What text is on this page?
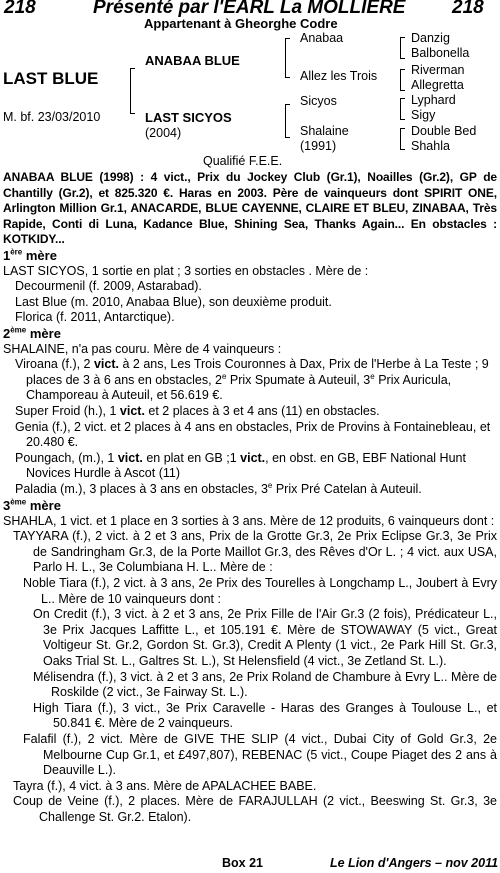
218	Présenté par l'EARL La MOLLIERE 218
Appartenant à Gheorghe Codre
LAST BLUE
M. bf. 23/03/2010
ANABAA BLUE
LAST SICYOS
(2004)
Anabaa
Allez les Trois
Sicyos
Shalaine
(1991)
Danzig
Balbonella
Riverman
Allegretta
Lyphard
Sigy
Double Bed
Shahla
Qualifié F.E.E.
ANABAA BLUE (1998) : 4 vict., Prix du Jockey Club (Gr.1), Noailles (Gr.2), GP de Chantilly (Gr.2), et 825.320 €. Haras en 2003. Père de vainqueurs dont SPIRIT ONE, Arlington Million Gr.1, ANACARDE, BLUE CAYENNE, CLAIRE ET BLEU, ZINABAA, Très Rapide, Conti di Luna, Kadance Blue, Shining Sea, Thanks Again... En obstacles : KOTKIDY...
1ère mère
LAST SICYOS, 1 sortie en plat ; 3 sorties en obstacles . Mère de :
Decourmenil (f. 2009, Astarabad).
Last Blue (m. 2010, Anabaa Blue), son deuxième produit.
Florica (f. 2011, Antarctique).
2ème mère
SHALAINE, n'a pas couru. Mère de 4 vainqueurs :
Viroana (f.), 2 vict. à 2 ans, Les Trois Couronnes à Dax, Prix de l'Herbe à La Teste ; 9 places de 3 à 6 ans en obstacles, 2e Prix Spumate à Auteuil, 3e Prix Auricula, Champoreau à Auteuil, et 56.619 €.
Super Froid (h.), 1 vict. et 2 places à 3 et 4 ans (11) en obstacles.
Genia (f.), 2 vict. et 2 places à 4 ans en obstacles, Prix de Provins à Fontainebleau, et 20.480 €.
Poungach, (m.), 1 vict. en plat en GB ;1 vict., en obst. en GB, EBF National Hunt Novices Hurdle à Ascot (11)
Paladia (m.), 3 places à 3 ans en obstacles, 3e Prix Pré Catelan à Auteuil.
3ème mère
SHAHLA, 1 vict. et 1 place en 3 sorties à 3 ans. Mère de 12 produits, 6 vainqueurs dont :
TAYYARA (f.), 2 vict. à 2 et 3 ans, Prix de la Grotte Gr.3, 2e Prix Eclipse Gr.3, 3e Prix de Sandringham Gr.3, de la Porte Maillot Gr.3, des Rêves d'Or L. ; 4 vict. aux USA, Parlo H. L., 3e Columbiana H. L.. Mère de :
Noble Tiara (f.), 2 vict. à 3 ans, 2e Prix des Tourelles à Longchamp L., Joubert à Evry L.. Mère de 10 vainqueurs dont :
On Credit (f.), 3 vict. à 2 et 3 ans, 2e Prix Fille de l'Air Gr.3 (2 fois), Prédicateur L., 3e Prix Jacques Laffitte L., et 105.191 €. Mère de STOWAWAY (5 vict., Great Voltigeur St. Gr.2, Gordon St. Gr.3), Credit A Plenty (1 vict., 2e Park Hill St. Gr.3, Oaks Trial St. L., Galtres St. L.), St Helensfield (4 vict., 3e Zetland St. L.).
Mélisendra (f.), 3 vict. à 2 et 3 ans, 2e Prix Roland de Chambure à Evry L.. Mère de Roskilde (2 vict., 3e Fairway St. L.).
High Tiara (f.), 3 vict., 3e Prix Caravelle - Haras des Granges à Toulouse L., et 50.841 €. Mère de 2 vainqueurs.
Falafil (f.), 2 vict. Mère de GIVE THE SLIP (4 vict., Dubai City of Gold Gr.3, 2e Melbourne Cup Gr.1, et £497,807), REBENAC (5 vict., Coupe Piaget des 2 ans à Deauville L.).
Tayra (f.), 4 vict. à 3 ans. Mère de APALACHEE BABE.
Coup de Veine (f.), 2 places. Mère de FARAJULLAH (2 vict., Beeswing St. Gr.3, 3e Challenge St. Gr.2. Etalon).
Box 21	Le Lion d'Angers – nov 2011
